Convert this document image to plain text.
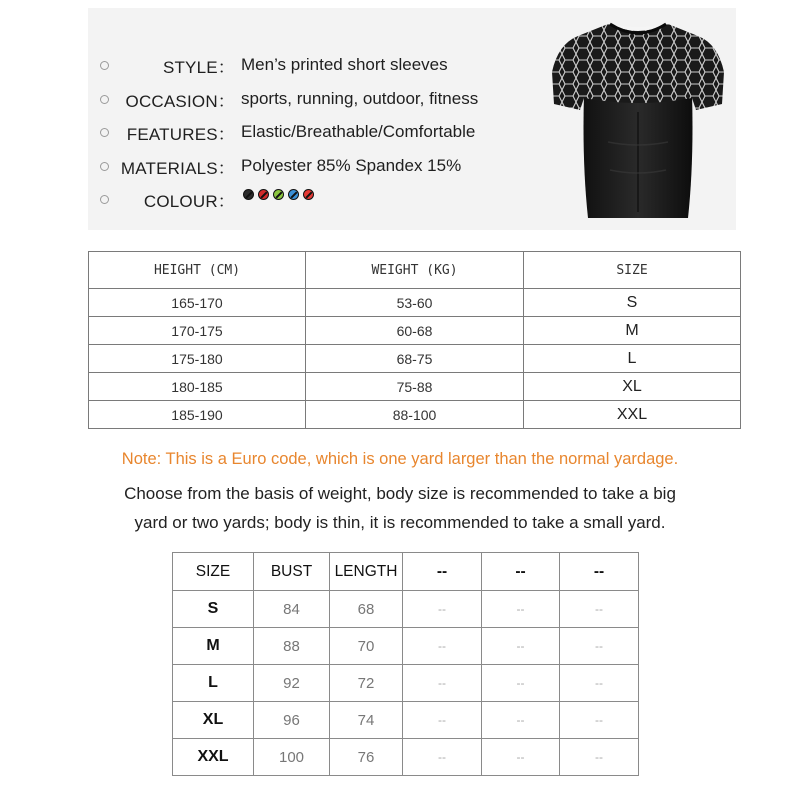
STYLE： Men’s printed short sleeves
OCCASION： sports, running, outdoor, fitness
FEATURES： Elastic/Breathable/Comfortable
MATERIALS： Polyester 85% Spandex 15%
COLOUR：
HEIGHT (CM)	WEIGHT (KG)	SIZE
165-170	53-60	S
170-175	60-68	M
175-180	68-75	L
180-185	75-88	XL
185-190	88-100	XXL
Note: This is a Euro code, which is one yard larger than the normal yardage.
Choose from the basis of weight, body size is recommended to take a big
yard or two yards; body is thin, it is recommended to take a small yard.
SIZE	BUST	LENGTH	--	--	--
S	84	68	--	--	--
M	88	70	--	--	--
L	92	72	--	--	--
XL	96	74	--	--	--
XXL	100	76	--	--	--
